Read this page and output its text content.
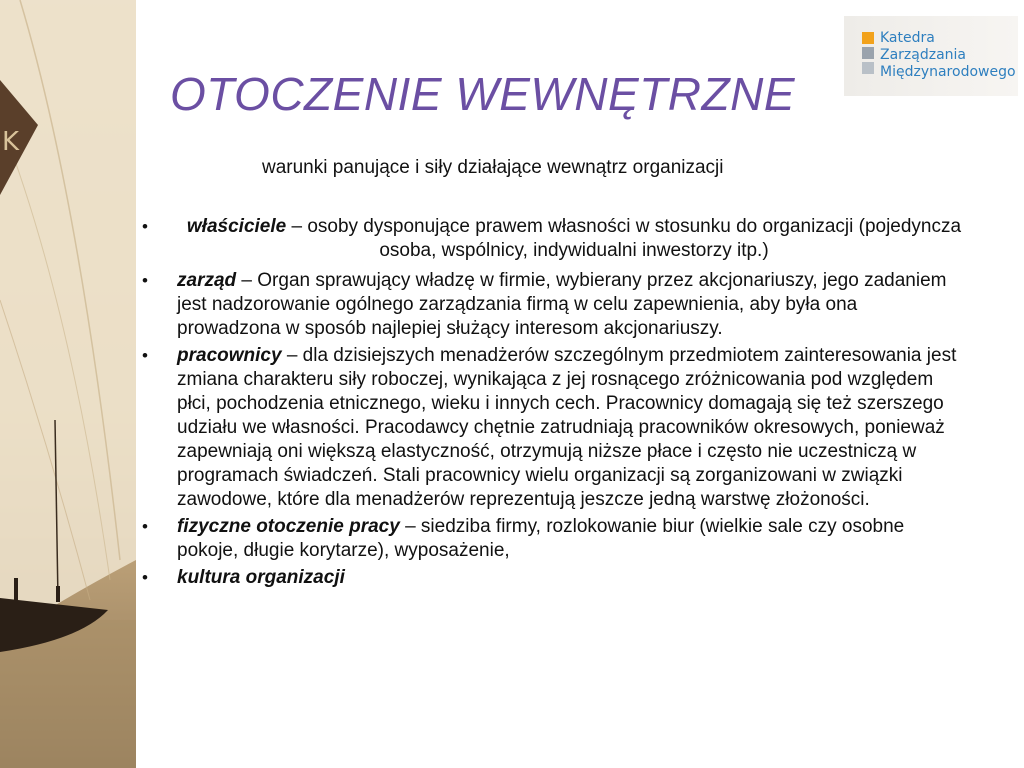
K
Katedra
Zarządzania
Międzynarodowego
OTOCZENIE WEWNĘTRZNE
warunki panujące i siły działające wewnątrz organizacji
• właściciele – osoby dysponujące prawem własności w stosunku do organizacji (pojedyncza osoba, wspólnicy, indywidualni inwestorzy itp.)
• zarząd – Organ sprawujący władzę w firmie, wybierany przez akcjonariuszy, jego zadaniem jest nadzorowanie ogólnego zarządzania firmą w celu zapewnienia, aby była ona prowadzona w sposób najlepiej służący interesom akcjonariuszy.
• pracownicy – dla dzisiejszych menadżerów szczególnym przedmiotem zainteresowania jest zmiana charakteru siły roboczej, wynikająca z jej rosnącego zróżnicowania pod względem płci, pochodzenia etnicznego, wieku i innych cech. Pracownicy domagają się też szerszego udziału we własności. Pracodawcy chętnie zatrudniają pracowników okresowych, ponieważ zapewniają oni większą elastyczność, otrzymują niższe płace i często nie uczestniczą w programach świadczeń. Stali pracownicy wielu organizacji są zorganizowani w związki zawodowe, które dla menadżerów reprezentują jeszcze jedną warstwę złożoności.
• fizyczne otoczenie pracy – siedziba firmy, rozlokowanie biur (wielkie sale czy osobne pokoje, długie korytarze), wyposażenie,
• kultura organizacji
